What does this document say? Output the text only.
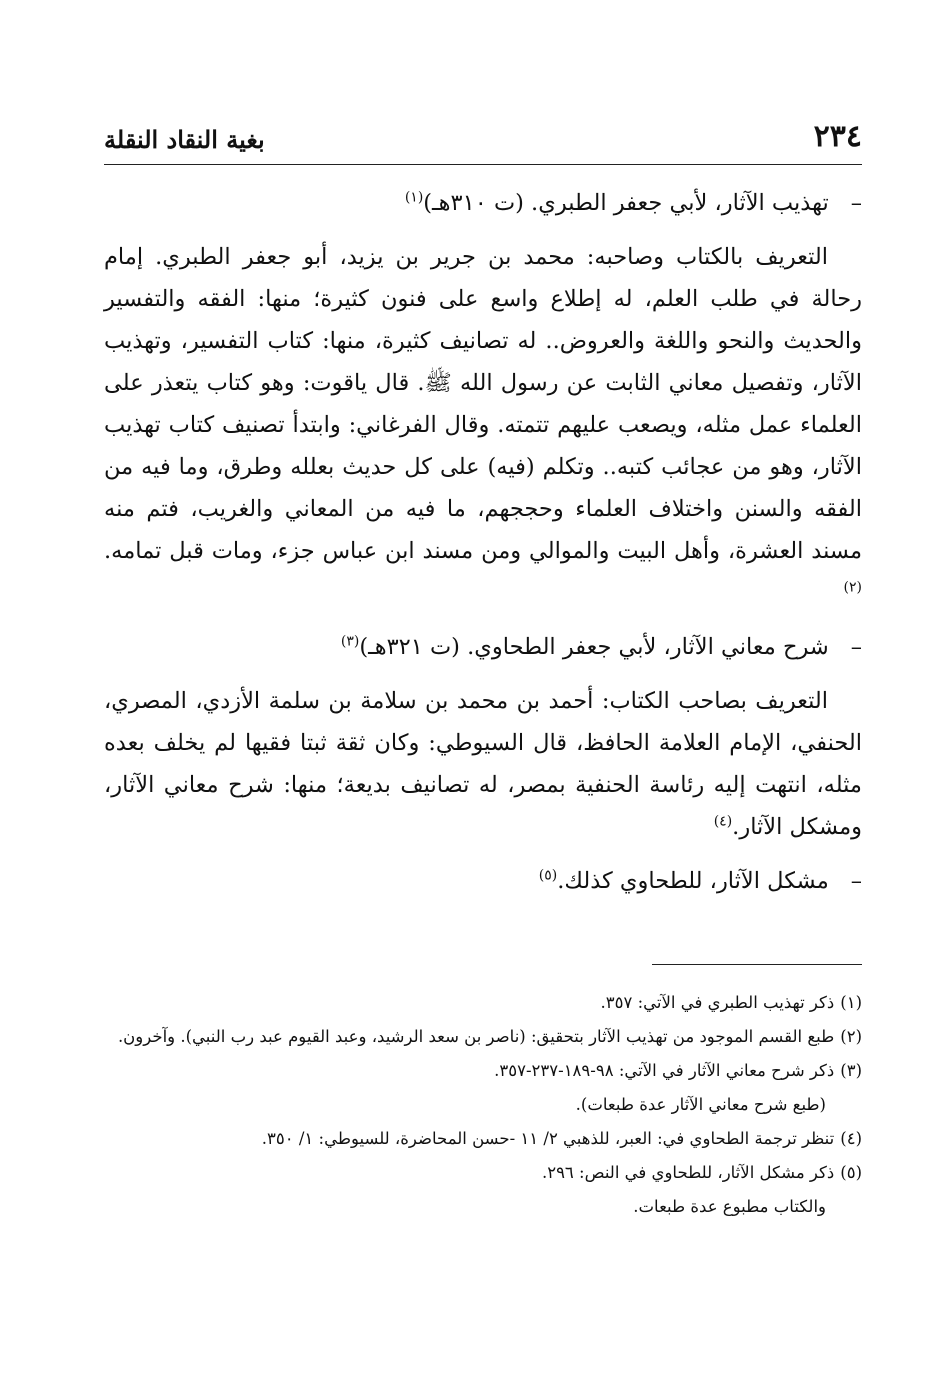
٢٣٤
بغية النقاد النقلة

–تهذيب الآثار، لأبي جعفر الطبري. (ت ٣١٠هـ)$^{(١)}$

التعريف بالكتاب وصاحبه: محمد بن جرير بن يزيد، أبو جعفر الطبري. إمام رحالة في طلب العلم، له إطلاع واسع على فنون كثيرة؛ منها: الفقه والتفسير والحديث والنحو واللغة والعروض.. له تصانيف كثيرة، منها: كتاب التفسير، وتهذيب الآثار، وتفصيل معاني الثابت عن رسول الله ﷺ. قال ياقوت: وهو كتاب يتعذر على العلماء عمل مثله، ويصعب عليهم تتمته. وقال الفرغاني: وابتدأ تصنيف كتاب تهذيب الآثار، وهو من عجائب كتبه.. وتكلم (فيه) على كل حديث بعلله وطرق، وما فيه من الفقه والسنن واختلاف العلماء وحججهم، ما فيه من المعاني والغريب، فتم منه مسند العشرة، وأهل البيت والموالي ومن مسند ابن عباس جزء، ومات قبل تمامه.$^{(٢)}$

–شرح معاني الآثار، لأبي جعفر الطحاوي. (ت ٣٢١هـ)$^{(٣)}$

التعريف بصاحب الكتاب: أحمد بن محمد بن سلامة بن سلمة الأزدي، المصري، الحنفي، الإمام العلامة الحافظ، قال السيوطي: وكان ثقة ثبتا فقيها لم يخلف بعده مثله، انتهت إليه رئاسة الحنفية بمصر، له تصانيف بديعة؛ منها: شرح معاني الآثار، ومشكل الآثار.$^{(٤)}$

–مشكل الآثار، للطحاوي كذلك.$^{(٥)}$

(١)ذكر تهذيب الطبري في الآتي: ٣٥٧.

(٢)طبع القسم الموجود من تهذيب الآثار بتحقيق: (ناصر بن سعد الرشيد، وعبد القيوم عبد رب النبي). وآخرون.

(٣)ذكر شرح معاني الآثار في الآتي: ٩٨-١٨٩-٢٣٧-٣٥٧.

(طبع شرح معاني الآثار عدة طبعات).

(٤)تنظر ترجمة الطحاوي في: العبر، للذهبي ٢/ ١١ -حسن المحاضرة، للسيوطي: ١/ ٣٥٠.

(٥)ذكر مشكل الآثار، للطحاوي في النص: ٢٩٦.

والكتاب مطبوع عدة طبعات.
